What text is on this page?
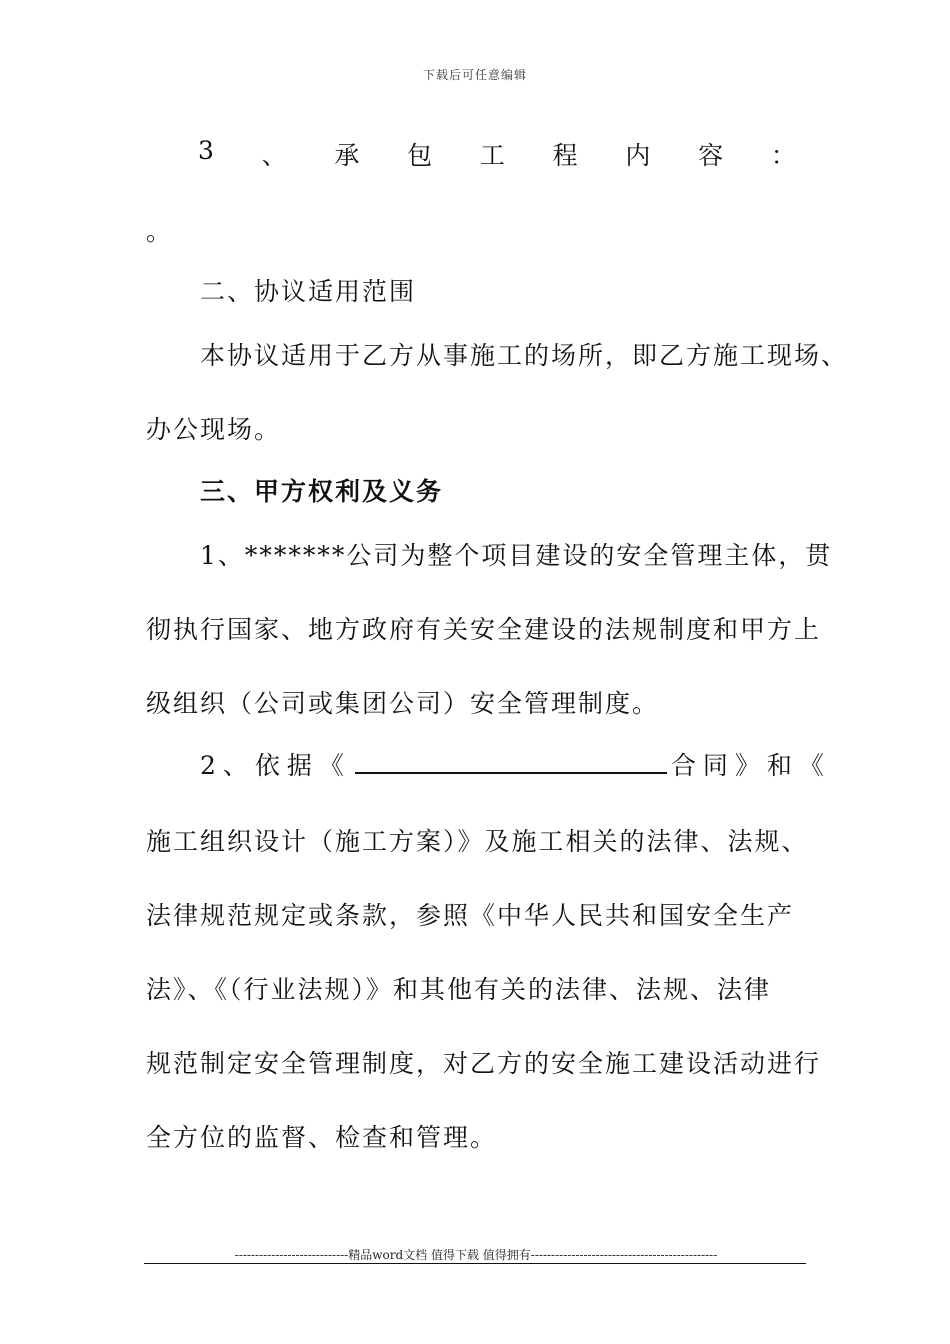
下载后可任意编辑
3 、 承 包 工 程 内 容 ：
。
二、协议适用范围
本协议适用于乙方从事施工的场所，即乙方施工现场、
办公现场。
三、甲方权利及义务
1、*******公司为整个项目建设的安全管理主体，贯
彻执行国家、地方政府有关安全建设的法规制度和甲方上
级组织（公司或集团公司）安全管理制度。
2、依据《	合同》和《
施工组织设计（施工方案）》及施工相关的法律、法规、
法律规范规定或条款，参照《中华人民共和国安全生产
法》、《（行业法规）》和其他有关的法律、法规、法律
规范制定安全管理制度，对乙方的安全施工建设活动进行
全方位的监督、检查和管理。
----------------------------精品word文档 值得下载 值得拥有----------------------------------------------
